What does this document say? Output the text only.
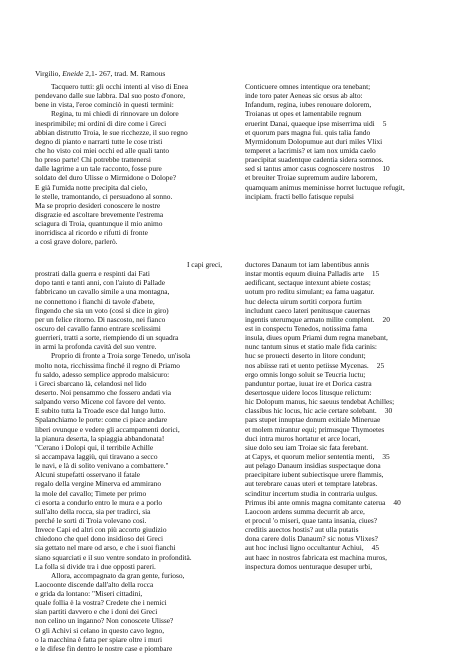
Virgilio, Eneide 2,1- 267, trad. M. Ramous
Tacquero tutti: gli occhi intenti al viso di Enea
pendevano dalle sue labbra. Dal suo posto d'onore,
bene in vista, l'eroe cominciò in questi termini:
Regina, tu mi chiedi di rinnovare un dolore
inesprimibile; mi ordini di dire come i Greci
abbian distrutto Troia, le sue ricchezze, il suo regno
degno di pianto e narrarti tutte le cose tristi
che ho visto coi miei occhi ed alle quali tanto
ho preso parte! Chi potrebbe trattenersi
dalle lagrime a un tale racconto, fosse pure
soldato del duro Ulisse o Mirmidone o Dolope?
E già l'umida notte precipita dal cielo,
le stelle, tramontando, ci persuadono al sonno.
Ma se proprio desideri conoscere le nostre
disgrazie ed ascoltare brevemente l'estrema
sciagura di Troia, quantunque il mio animo
inorridisca al ricordo e rifutti di fronte
a così grave dolore, parlerò.
Conticuere omnes intentique ora tenebant;
inde toro pater Aeneas sic orsus ab alto:
Infandum, regina, iubes renouare dolorem,
Troianas ut opes et lamentabile regnum
eruerint Danai, quaeque ipse miserrima uidi 5
et quorum pars magna fui. quis talia fando
Myrmidonum Dolopumue aut duri miles Vlixi
temperet a lacrimis? et iam nox umida caelo
praecipitat suadentque cadentia sidera somnos.
sed si tantus amor casus cognoscere nostros 10
et breuiter Troiae supremum audire laborem,
quamquam animus meminisse horret luctuque refugit,
incipiam. fracti bello fatisque repulsi
I capi greci,
prostrati dalla guerra e respinti dai Fati
dopo tanti e tanti anni, con l'aiuto di Pallade
fabbricano un cavallo simile a una montagna,
ne connettono i fianchi di tavole d'abete,
fingendo che sia un voto (così si dice in giro)
per un felice ritorno. Di nascosto, nei fianco
oscuro del cavallo fanno entrare scelissimi
guerrieri, tratti a sorte, riempiendo di un squadra
in armi la profonda cavità del suo ventre.
Proprio di fronte a Troia sorge Tenedo, un'isola
molto nota, ricchissima finché il regno di Priamo
fu saldo, adesso semplice approdo malsicuro:
i Greci sbarcano là, celandosi nel lido
deserto. Noi pensammo che fossero andati via
salpando verso Micene col favore del vento.
E subito tutta la Troade esce dal lungo lutto.
Spalanchiamo le porte: come ci piace andare
liberi ovunque e vedere gli accampamenti dorici,
la pianura deserta, la spiaggia abbandonata!
"Cerano i Dolopi qui, il terribile Achille
si accampava laggiù, qui tiravano a secco
le navi, e là di solito venivano a combattere."
Alcuni stupefatti osservano il fatale
regalo della vergine Minerva ed ammirano
la mole del cavallo; Timete per primo
ci esorta a condurlo entro le mura e a porlo
sull'alto della rocca, sia per tradirci, sia
perché le sorti di Troia volevano così.
Invece Capi ed altri con più accorto giudizio
chiedono che quel dono insidioso dei Greci
sia gettato nel mare od arso, e che i suoi fianchi
siano squarciati e il suo ventre sondato in profondità.
La folla si divide tra i due opposti pareri.
Allora, accompagnato da gran gente, furioso,
Laocoonte discende dall'alto della rocca
e grida da lontano: "Miseri cittadini,
quale follia è la vostra? Credete che i nemici
sian partiti davvero e che i doni dei Greci
non celino un inganno? Non conoscete Ulisse?
O gli Achivi si celano in questo cavo legno,
o la macchina è fatta per spiare oltre i muri
e le difese fin dentro le nostre case e piombare
ductores Danaum tot iam labentibus annis
instar montis equum diuina Palladis arte 15
aedificant, sectaque intexunt abiete costas;
uotum pro reditu simulant; ea fama uagatur.
huc delecta uirum sortiti corpora furtim
includunt caeco lateri penitusque cauernas
ingentis uterumque armato milite complent. 20
est in conspectu Tenedos, notissima fama
insula, diues opum Priami dum regna manebant,
nunc tantum sinus et statio male fida carinis:
huc se prouecti deserto in litore condunt;
nos abiisse rati et uento petiisse Mycenas. 25
ergo omnis longo soluit se Teucria luctu;
panduntur portae, iuuat ire et Dorica castra
desertosque uidere locos litusque relictum:
hic Dolopum manus, hic saeuus tendebat Achilles;
classibus hic locus, hic acie certare solebant. 30
pars stupet innuptae donum exitiale Mineruae
et molem mirantur equi; primusque Thymoetes
duci intra muros hortatur et arce locari,
siue dolo seu iam Troiae sic fata ferebant.
at Capys, et quorum melior sententia menti, 35
aut pelago Danaum insidias suspectaque dona
praecipitare iubent subiectisque urere flammis,
aut terebrare cauas uteri et temptare latebras.
scinditur incertum studia in contraria uulgus.
Primus ibi ante omnis magna comitante caterua 40
Laocoon ardens summa decurrit ab arce,
et procul 'o miseri, quae tanta insania, ciues?
creditis auectos hostis? aut ulla putatis
dona carere dolis Danaum? sic notus Vlixes?
aut hoc inclusi ligno occultantur Achiui, 45
aut haec in nostros fabricata est machina muros,
inspectura domos uenturaque desuper urbi,
